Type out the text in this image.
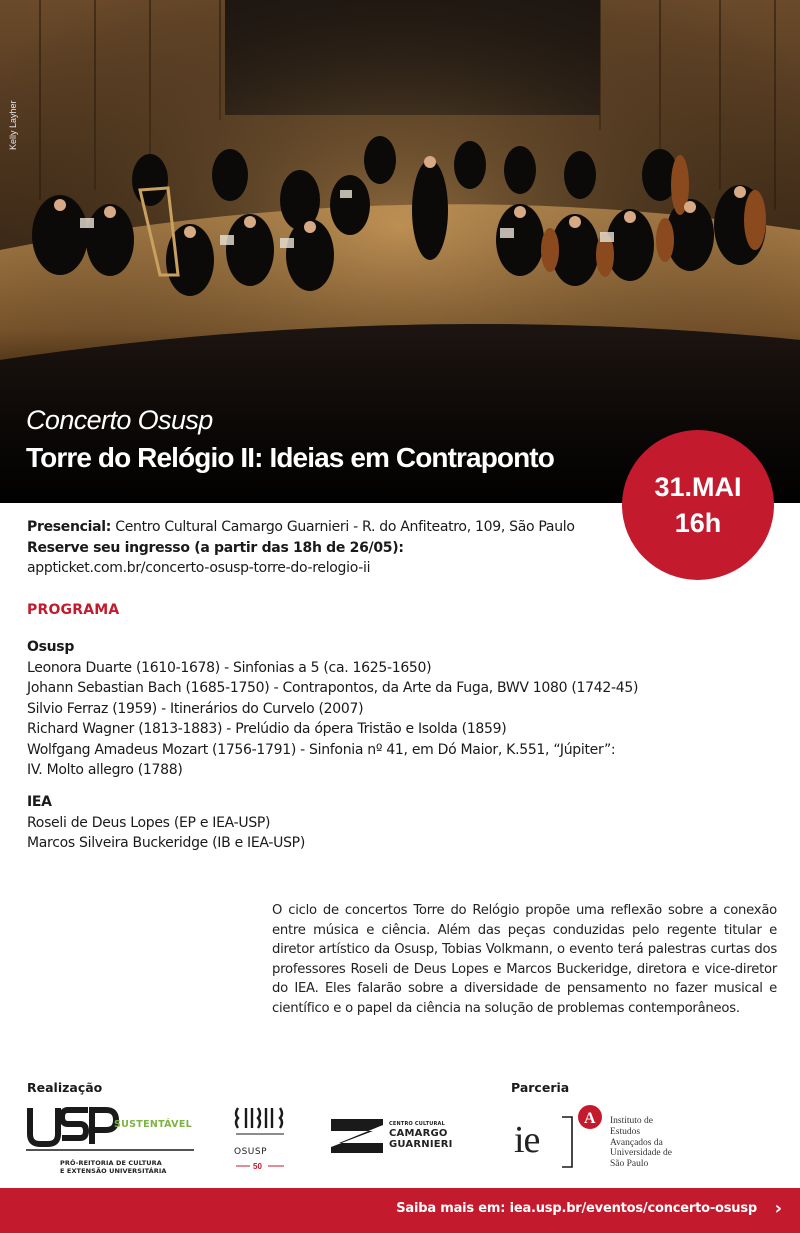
Kelly Layher
Concerto Osusp
Torre do Relógio II: Ideias em Contraponto
31.MAI
16h
Presencial: Centro Cultural Camargo Guarnieri - R. do Anfiteatro, 109, São Paulo
Reserve seu ingresso (a partir das 18h de 26/05):
appticket.com.br/concerto-osusp-torre-do-relogio-ii
PROGRAMA
Osusp
Leonora Duarte (1610-1678) - Sinfonias a 5 (ca. 1625-1650)
Johann Sebastian Bach (1685-1750) - Contrapontos, da Arte da Fuga, BWV 1080 (1742-45)
Silvio Ferraz (1959) - Itinerários do Curvelo (2007)
Richard Wagner (1813-1883) - Prelúdio da ópera Tristão e Isolda (1859)
Wolfgang Amadeus Mozart (1756-1791) - Sinfonia nº 41, em Dó Maior, K.551, “Júpiter”:
IV. Molto allegro (1788)
IEA
Roseli de Deus Lopes (EP e IEA-USP)
Marcos Silveira Buckeridge (IB e IEA-USP)
O ciclo de concertos Torre do Relógio propõe uma reflexão sobre a conexão entre música e ciência. Além das peças conduzidas pelo regente titular e diretor artístico da Osusp, Tobias Volkmann, o evento terá palestras curtas dos professores Roseli de Deus Lopes e Marcos Buckeridge, diretora e vice-diretor do IEA. Eles falarão sobre a diversidade de pensamento no fazer musical e científico e o papel da ciência na solução de problemas contemporâneos.
Realização	Parceria
SUSTENTÁVEL
PRÓ-REITORIA DE CULTURA
E EXTENSÃO UNIVERSITÁRIA
OSUSP
50
CENTRO CULTURAL
CAMARGO
GUARNIERI ie
A Instituto de
Estudos
Avançados da
Universidade de
São Paulo
Saiba mais em: iea.usp.br/eventos/concerto-osusp ›
